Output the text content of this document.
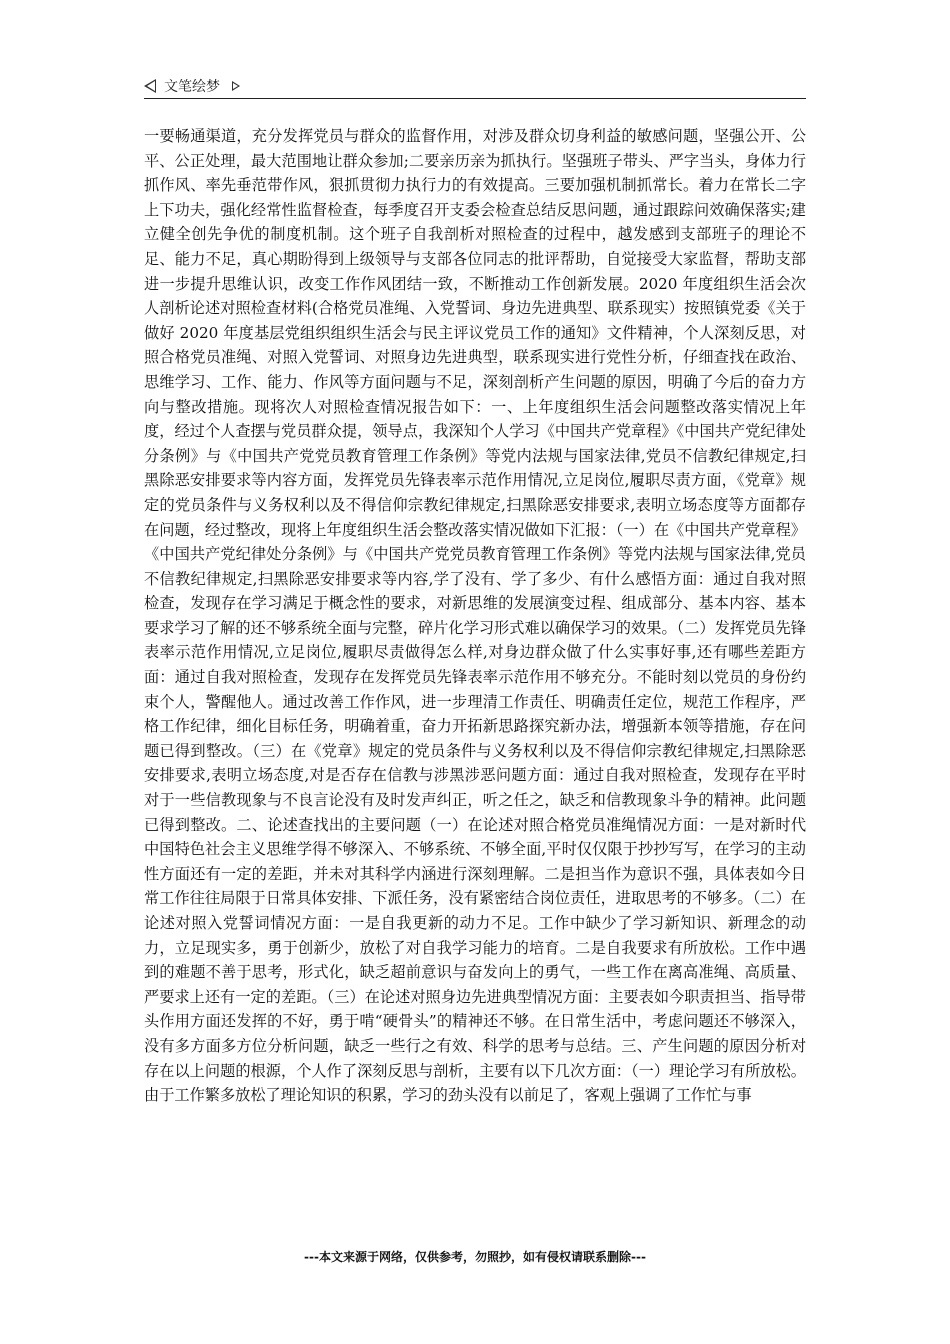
文笔绘梦

一要畅通渠道，充分发挥党员与群众的监督作用，对涉及群众切身利益的敏感问题，坚强公开、公平、公正处理，最大范围地让群众参加;二要亲历亲为抓执行。坚强班子带头、严字当头，身体力行抓作风、率先垂范带作风，狠抓贯彻力执行力的有效提高。三要加强机制抓常长。着力在常长二字上下功夫，强化经常性监督检查，每季度召开支委会检查总结反思问题，通过跟踪问效确保落实;建立健全创先争优的制度机制。这个班子自我剖析对照检查的过程中，越发感到支部班子的理论不足、能力不足，真心期盼得到上级领导与支部各位同志的批评帮助，自觉接受大家监督，帮助支部进一步提升思维认识，改变工作作风团结一致，不断推动工作创新发展。2020 年度组织生活会次人剖析论述对照检查材料(合格党员准绳、入党誓词、身边先进典型、联系现实）按照镇党委《关于做好 2020 年度基层党组织组织生活会与民主评议党员工作的通知》文件精神，个人深刻反思，对照合格党员准绳、对照入党誓词、对照身边先进典型，联系现实进行党性分析，仔细查找在政治、思维学习、工作、能力、作风等方面问题与不足，深刻剖析产生问题的原因，明确了今后的奋力方向与整改措施。现将次人对照检查情况报告如下：一、上年度组织生活会问题整改落实情况上年度，经过个人查摆与党员群众提，领导点，我深知个人学习《中国共产党章程》《中国共产党纪律处分条例》与《中国共产党党员教育管理工作条例》等党内法规与国家法律,党员不信教纪律规定,扫黑除恶安排要求等内容方面，发挥党员先锋表率示范作用情况,立足岗位,履职尽责方面，《党章》规定的党员条件与义务权利以及不得信仰宗教纪律规定,扫黑除恶安排要求,表明立场态度等方面都存在问题，经过整改，现将上年度组织生活会整改落实情况做如下汇报：（一）在《中国共产党章程》《中国共产党纪律处分条例》与《中国共产党党员教育管理工作条例》等党内法规与国家法律,党员不信教纪律规定,扫黑除恶安排要求等内容,学了没有、学了多少、有什么感悟方面：通过自我对照检查，发现存在学习满足于概念性的要求，对新思维的发展演变过程、组成部分、基本内容、基本要求学习了解的还不够系统全面与完整，碎片化学习形式难以确保学习的效果。（二）发挥党员先锋表率示范作用情况,立足岗位,履职尽责做得怎么样,对身边群众做了什么实事好事,还有哪些差距方面：通过自我对照检查，发现存在发挥党员先锋表率示范作用不够充分。不能时刻以党员的身份约束个人，警醒他人。通过改善工作作风，进一步理清工作责任、明确责任定位，规范工作程序，严格工作纪律，细化目标任务，明确着重，奋力开拓新思路探究新办法，增强新本领等措施，存在问题已得到整改。（三）在《党章》规定的党员条件与义务权利以及不得信仰宗教纪律规定,扫黑除恶安排要求,表明立场态度,对是否存在信教与涉黑涉恶问题方面：通过自我对照检查，发现存在平时对于一些信教现象与不良言论没有及时发声纠正，听之任之，缺乏和信教现象斗争的精神。此问题已得到整改。二、论述查找出的主要问题（一）在论述对照合格党员准绳情况方面：一是对新时代中国特色社会主义思维学得不够深入、不够系统、不够全面,平时仅仅限于抄抄写写，在学习的主动性方面还有一定的差距，并未对其科学内涵进行深刻理解。二是担当作为意识不强，具体表如今日常工作往往局限于日常具体安排、下派任务，没有紧密结合岗位责任，进取思考的不够多。（二）在论述对照入党誓词情况方面：一是自我更新的动力不足。工作中缺少了学习新知识、新理念的动力，立足现实多，勇于创新少，放松了对自我学习能力的培育。二是自我要求有所放松。工作中遇到的难题不善于思考，形式化，缺乏超前意识与奋发向上的勇气，一些工作在离高准绳、高质量、严要求上还有一定的差距。（三）在论述对照身边先进典型情况方面：主要表如今职责担当、指导带头作用方面还发挥的不好，勇于啃“硬骨头”的精神还不够。在日常生活中，考虑问题还不够深入，没有多方面多方位分析问题，缺乏一些行之有效、科学的思考与总结。三、产生问题的原因分析对存在以上问题的根源，个人作了深刻反思与剖析，主要有以下几次方面：（一）理论学习有所放松。由于工作繁多放松了理论知识的积累，学习的劲头没有以前足了，客观上强调了工作忙与事

---本文来源于网络，仅供参考，勿照抄，如有侵权请联系删除---
